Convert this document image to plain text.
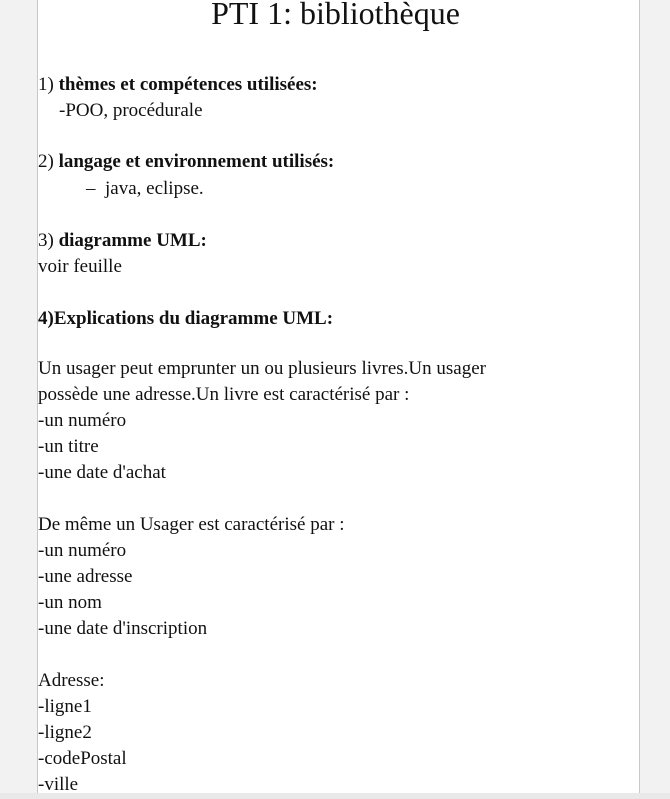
PTI 1: bibliothèque
1) thèmes et compétences utilisées:
-POO, procédurale
2) langage et environnement utilisés:
– java, eclipse.
3) diagramme UML:
voir feuille
4)Explications du diagramme UML:
Un usager peut emprunter un ou plusieurs livres.Un usager
possède une adresse.Un livre est caractérisé par :
-un numéro
-un titre
-une date d'achat
De même un Usager est caractérisé par :
-un numéro
-une adresse
-un nom
-une date d'inscription
Adresse:
-ligne1
-ligne2
-codePostal
-ville
